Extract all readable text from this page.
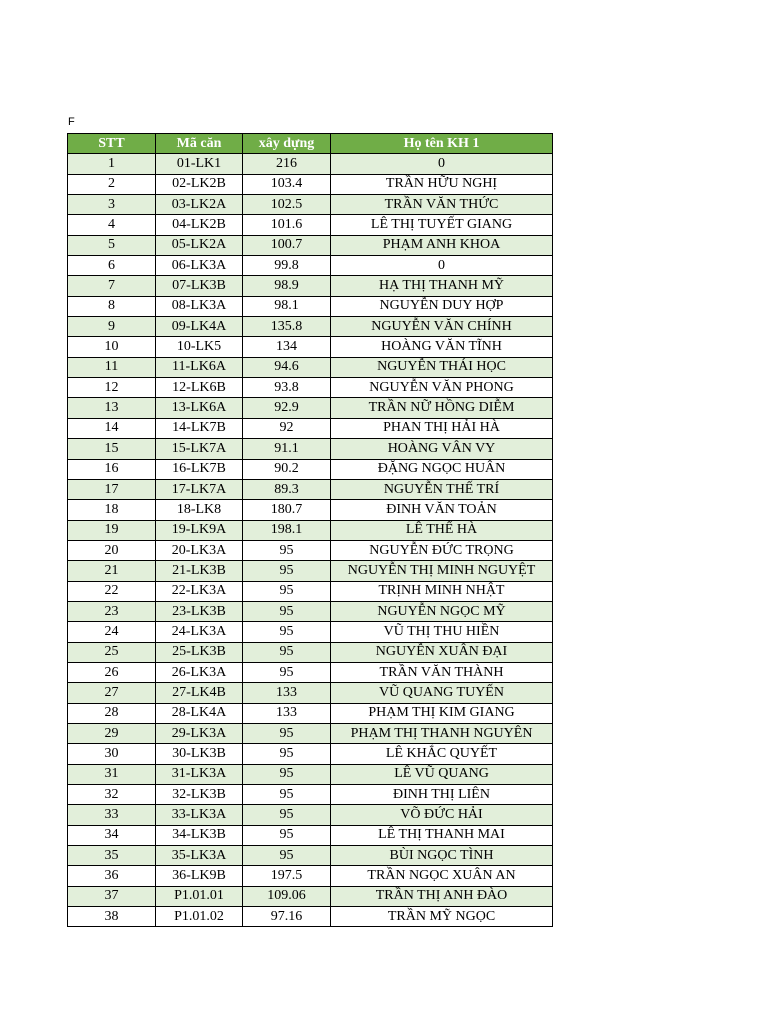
F
STT	Mã căn	xây dựng	Họ tên KH 1
1	01-LK1	216	0
2	02-LK2B	103.4	TRẦN HỮU NGHỊ
3	03-LK2A	102.5	TRẦN VĂN THỨC
4	04-LK2B	101.6	LÊ THỊ TUYẾT GIANG
5	05-LK2A	100.7	PHẠM ANH KHOA
6	06-LK3A	99.8	0
7	07-LK3B	98.9	HẠ THỊ THANH MỸ
8	08-LK3A	98.1	NGUYỄN DUY HỢP
9	09-LK4A	135.8	NGUYỄN VĂN CHÍNH
10	10-LK5	134	HOÀNG VĂN TĨNH
11	11-LK6A	94.6	NGUYỄN THÁI HỌC
12	12-LK6B	93.8	NGUYỄN VĂN PHONG
13	13-LK6A	92.9	TRẦN NỮ HỒNG DIỄM
14	14-LK7B	92	PHAN THỊ HẢI HÀ
15	15-LK7A	91.1	HOÀNG VÂN VY
16	16-LK7B	90.2	ĐẶNG NGỌC HUÂN
17	17-LK7A	89.3	NGUYỄN THẾ TRÍ
18	18-LK8	180.7	ĐINH VĂN TOẢN
19	19-LK9A	198.1	LÊ THẾ HÀ
20	20-LK3A	95	NGUYỄN ĐỨC TRỌNG
21	21-LK3B	95	NGUYỄN THỊ MINH NGUYỆT
22	22-LK3A	95	TRỊNH MINH NHẬT
23	23-LK3B	95	NGUYỄN NGỌC MỸ
24	24-LK3A	95	VŨ THỊ THU HIỀN
25	25-LK3B	95	NGUYỄN XUÂN ĐẠI
26	26-LK3A	95	TRẦN VĂN THÀNH
27	27-LK4B	133	VŨ QUANG TUYẾN
28	28-LK4A	133	PHẠM THỊ KIM GIANG
29	29-LK3A	95	PHẠM THỊ THANH NGUYÊN
30	30-LK3B	95	LÊ KHẮC QUYẾT
31	31-LK3A	95	LÊ VŨ QUANG
32	32-LK3B	95	ĐINH THỊ LIÊN
33	33-LK3A	95	VÕ ĐỨC HẢI
34	34-LK3B	95	LÊ THỊ THANH MAI
35	35-LK3A	95	BÙI NGỌC TÌNH
36	36-LK9B	197.5	TRẦN NGỌC XUÂN AN
37	P1.01.01	109.06	TRẦN THỊ ANH ĐÀO
38	P1.01.02	97.16	TRẦN MỸ NGỌC
